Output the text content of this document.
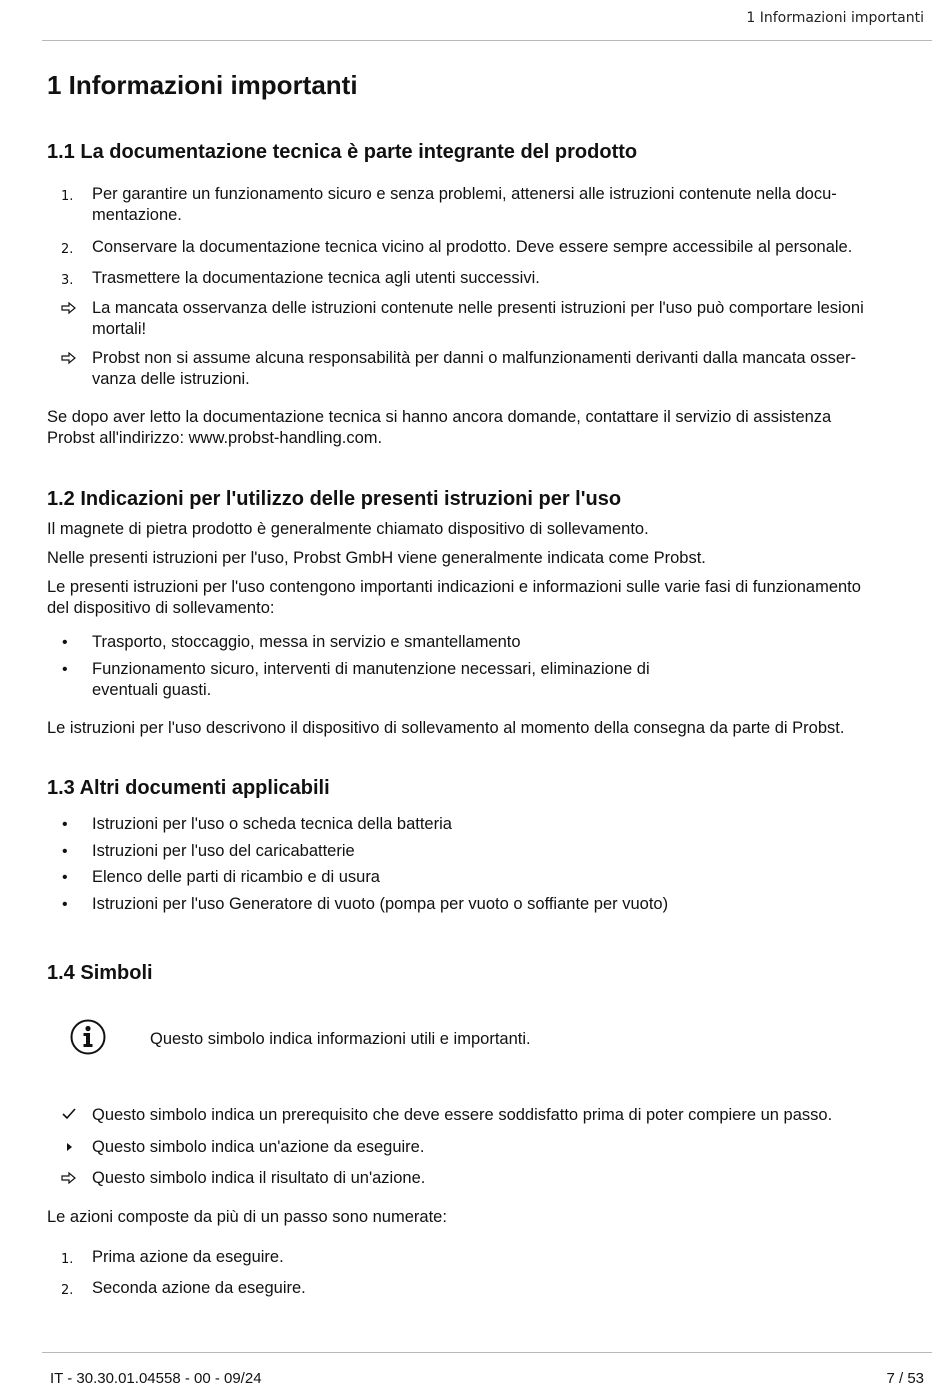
1 Informazioni importanti
1 Informazioni importanti
1.1 La documentazione tecnica è parte integrante del prodotto
1.	Per garantire un funzionamento sicuro e senza problemi, attenersi alle istruzioni contenute nella docu-
mentazione.
2.	Conservare la documentazione tecnica vicino al prodotto. Deve essere sempre accessibile al personale.
3.	Trasmettere la documentazione tecnica agli utenti successivi.
La mancata osservanza delle istruzioni contenute nelle presenti istruzioni per l'uso può comportare lesioni
mortali!
Probst non si assume alcuna responsabilità per danni o malfunzionamenti derivanti dalla mancata osser-
vanza delle istruzioni.
Se dopo aver letto la documentazione tecnica si hanno ancora domande, contattare il servizio di assistenza
Probst all'indirizzo: www.probst-handling.com.
1.2 Indicazioni per l'utilizzo delle presenti istruzioni per l'uso
Il magnete di pietra prodotto è generalmente chiamato dispositivo di sollevamento.
Nelle presenti istruzioni per l'uso, Probst GmbH viene generalmente indicata come Probst.
Le presenti istruzioni per l'uso contengono importanti indicazioni e informazioni sulle varie fasi di funzionamento
del dispositivo di sollevamento:
• Trasporto, stoccaggio, messa in servizio e smantellamento
• Funzionamento sicuro, interventi di manutenzione necessari, eliminazione di
eventuali guasti.
Le istruzioni per l'uso descrivono il dispositivo di sollevamento al momento della consegna da parte di Probst.
1.3 Altri documenti applicabili
• Istruzioni per l'uso o scheda tecnica della batteria
• Istruzioni per l'uso del caricabatterie
• Elenco delle parti di ricambio e di usura
• Istruzioni per l'uso Generatore di vuoto (pompa per vuoto o soffiante per vuoto)
1.4 Simboli
Questo simbolo indica informazioni utili e importanti.
Questo simbolo indica un prerequisito che deve essere soddisfatto prima di poter compiere un passo.
Questo simbolo indica un'azione da eseguire.
Questo simbolo indica il risultato di un'azione.
Le azioni composte da più di un passo sono numerate:
1.	Prima azione da eseguire.
2.	Seconda azione da eseguire.
IT - 30.30.01.04558 - 00 - 09/24	7 / 53
